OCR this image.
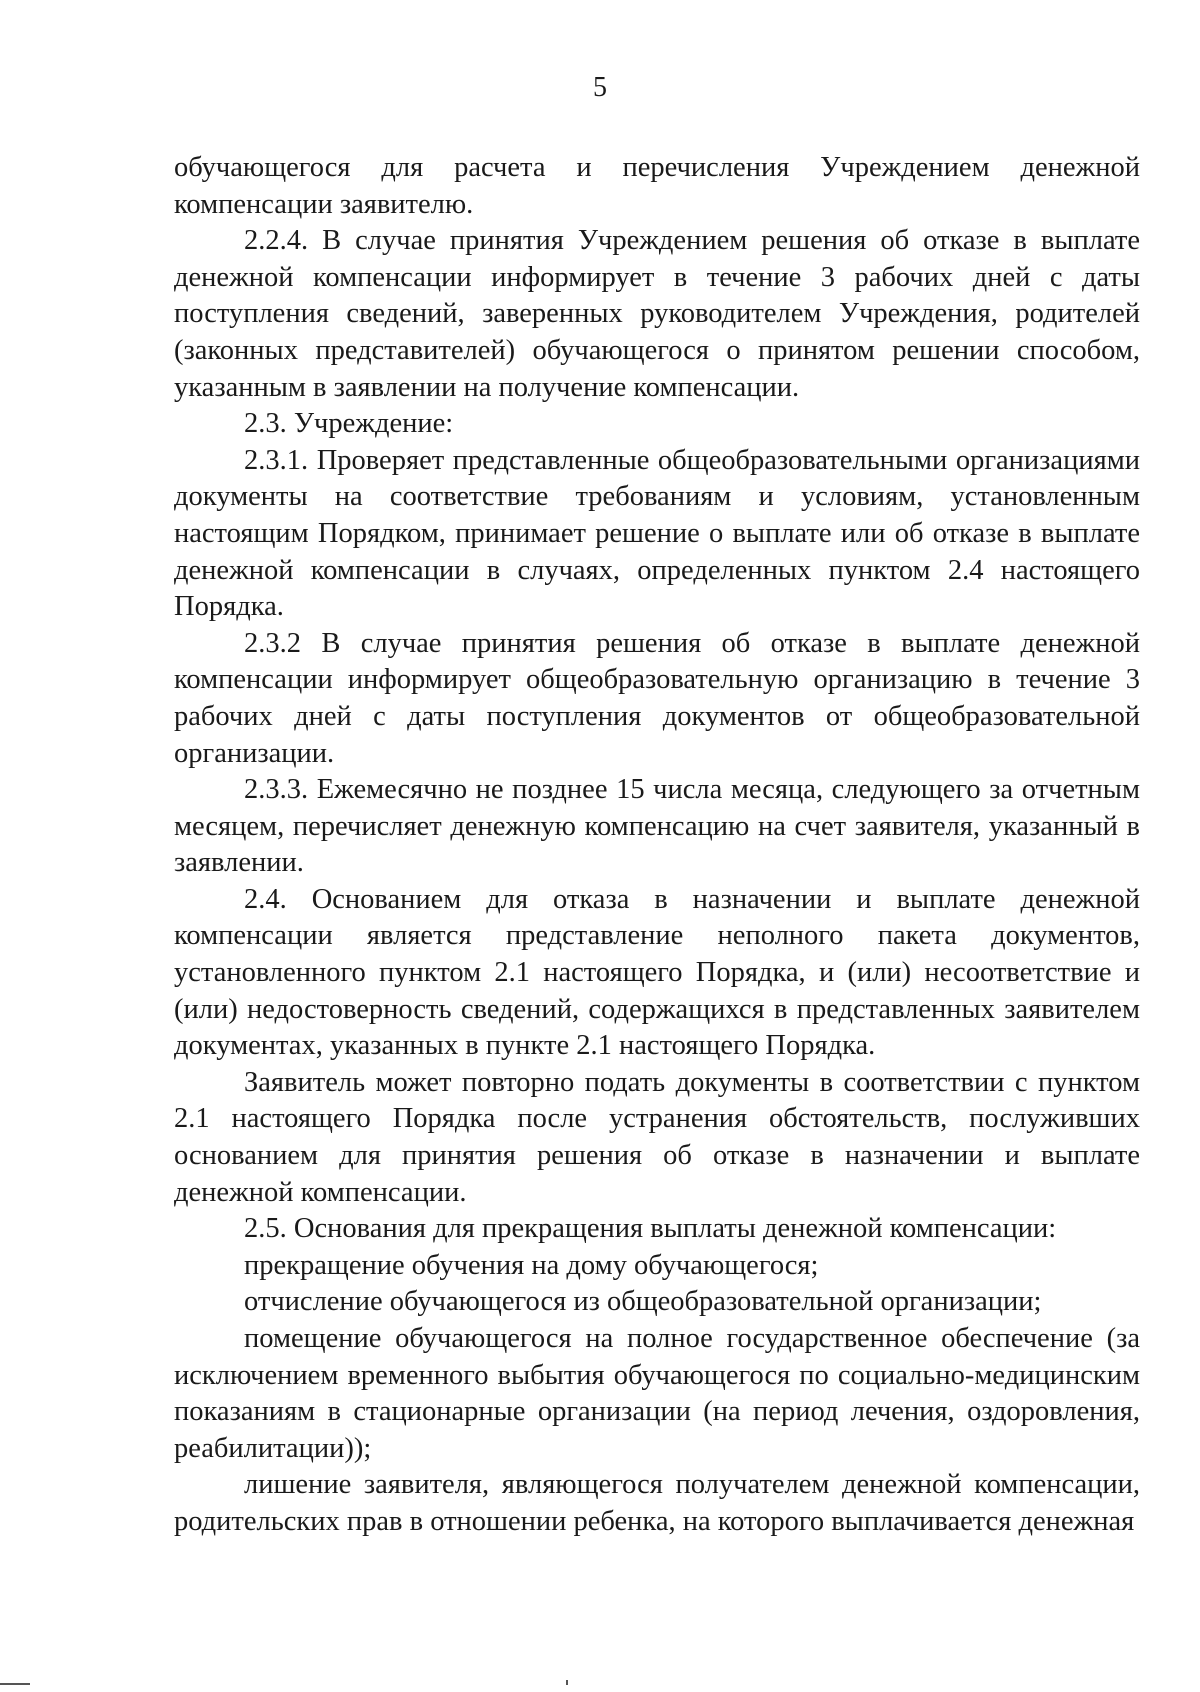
5

обучающегося для расчета и перечисления Учреждением денежной компенсации заявителю.

2.2.4. В случае принятия Учреждением решения об отказе в выплате денежной компенсации информирует в течение 3 рабочих дней с даты поступления сведений, заверенных руководителем Учреждения, родителей (законных представителей) обучающегося о принятом решении способом, указанным в заявлении на получение компенсации.

2.3. Учреждение:

2.3.1. Проверяет представленные общеобразовательными организациями документы на соответствие требованиям и условиям, установленным настоящим Порядком, принимает решение о выплате или об отказе в выплате денежной компенсации в случаях, определенных пунктом 2.4 настоящего Порядка.

2.3.2 В случае принятия решения об отказе в выплате денежной компенсации информирует общеобразовательную организацию в течение 3 рабочих дней с даты поступления документов от общеобразовательной организации.

2.3.3. Ежемесячно не позднее 15 числа месяца, следующего за отчетным месяцем, перечисляет денежную компенсацию на счет заявителя, указанный в заявлении.

2.4. Основанием для отказа в назначении и выплате денежной компенсации является представление неполного пакета документов, установленного пунктом 2.1 настоящего Порядка, и (или) несоответствие и (или) недостоверность сведений, содержащихся в представленных заявителем документах, указанных в пункте 2.1 настоящего Порядка.

Заявитель может повторно подать документы в соответствии с пунктом 2.1 настоящего Порядка после устранения обстоятельств, послуживших основанием для принятия решения об отказе в назначении и выплате денежной компенсации.

2.5. Основания для прекращения выплаты денежной компенсации:

прекращение обучения на дому обучающегося;

отчисление обучающегося из общеобразовательной организации;

помещение обучающегося на полное государственное обеспечение (за исключением временного выбытия обучающегося по социально-медицинским показаниям в стационарные организации (на период лечения, оздоровления, реабилитации));

лишение заявителя, являющегося получателем денежной компенсации, родительских прав в отношении ребенка, на которого выплачивается денежная
